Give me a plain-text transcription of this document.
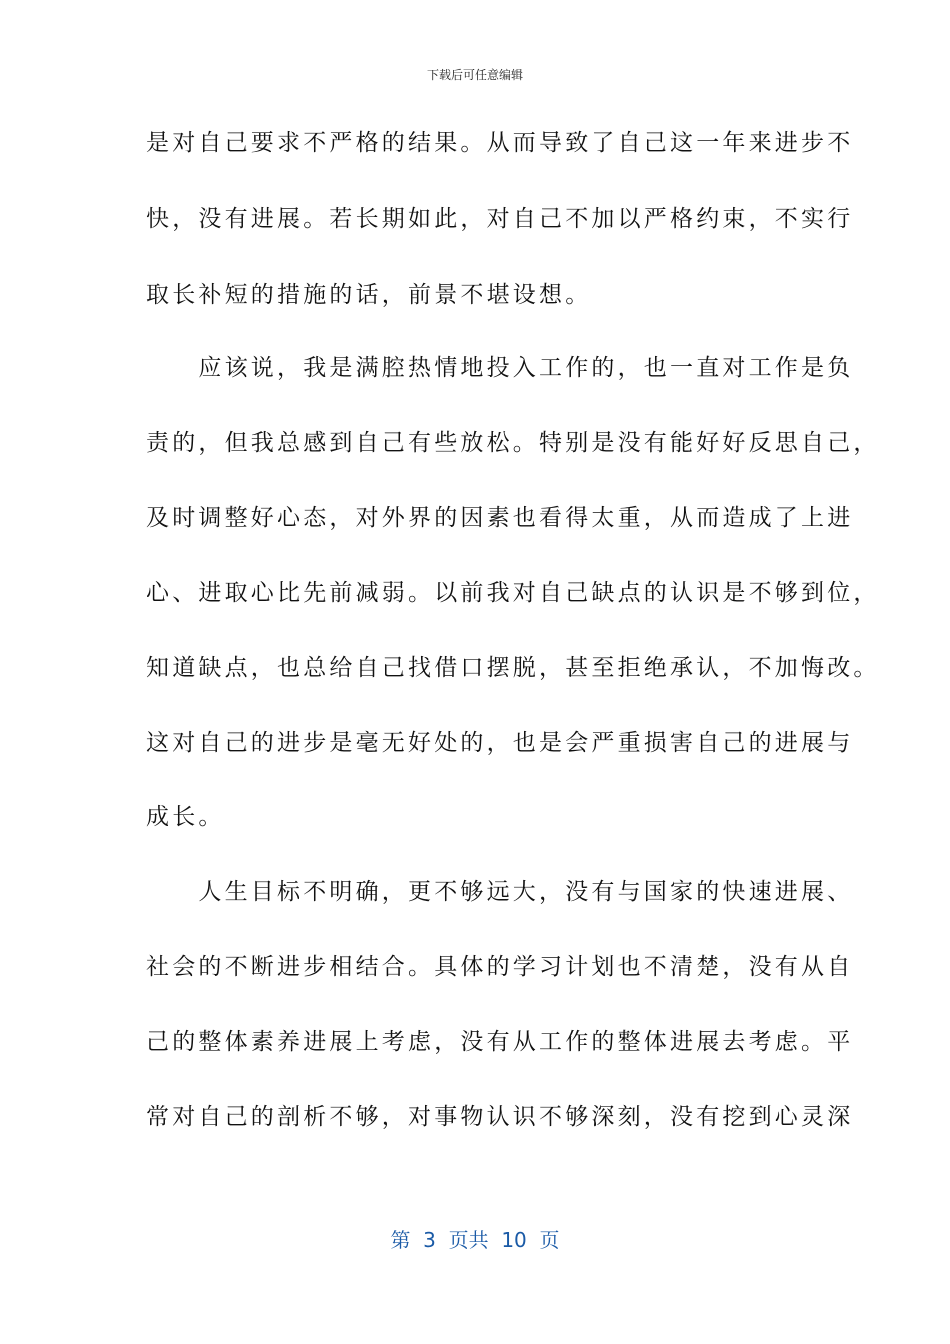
下载后可任意编辑
是对自己要求不严格的结果。从而导致了自己这一年来进步不
快，没有进展。若长期如此，对自己不加以严格约束，不实行
取长补短的措施的话，前景不堪设想。
　　应该说，我是满腔热情地投入工作的，也一直对工作是负
责的，但我总感到自己有些放松。特别是没有能好好反思自己，
及时调整好心态，对外界的因素也看得太重，从而造成了上进
心、进取心比先前减弱。以前我对自己缺点的认识是不够到位，
知道缺点，也总给自己找借口摆脱，甚至拒绝承认，不加悔改。
这对自己的进步是毫无好处的，也是会严重损害自己的进展与
成长。
　　人生目标不明确，更不够远大，没有与国家的快速进展、
社会的不断进步相结合。具体的学习计划也不清楚，没有从自
己的整体素养进展上考虑，没有从工作的整体进展去考虑。平
常对自己的剖析不够，对事物认识不够深刻，没有挖到心灵深
第  3  页共  10  页
